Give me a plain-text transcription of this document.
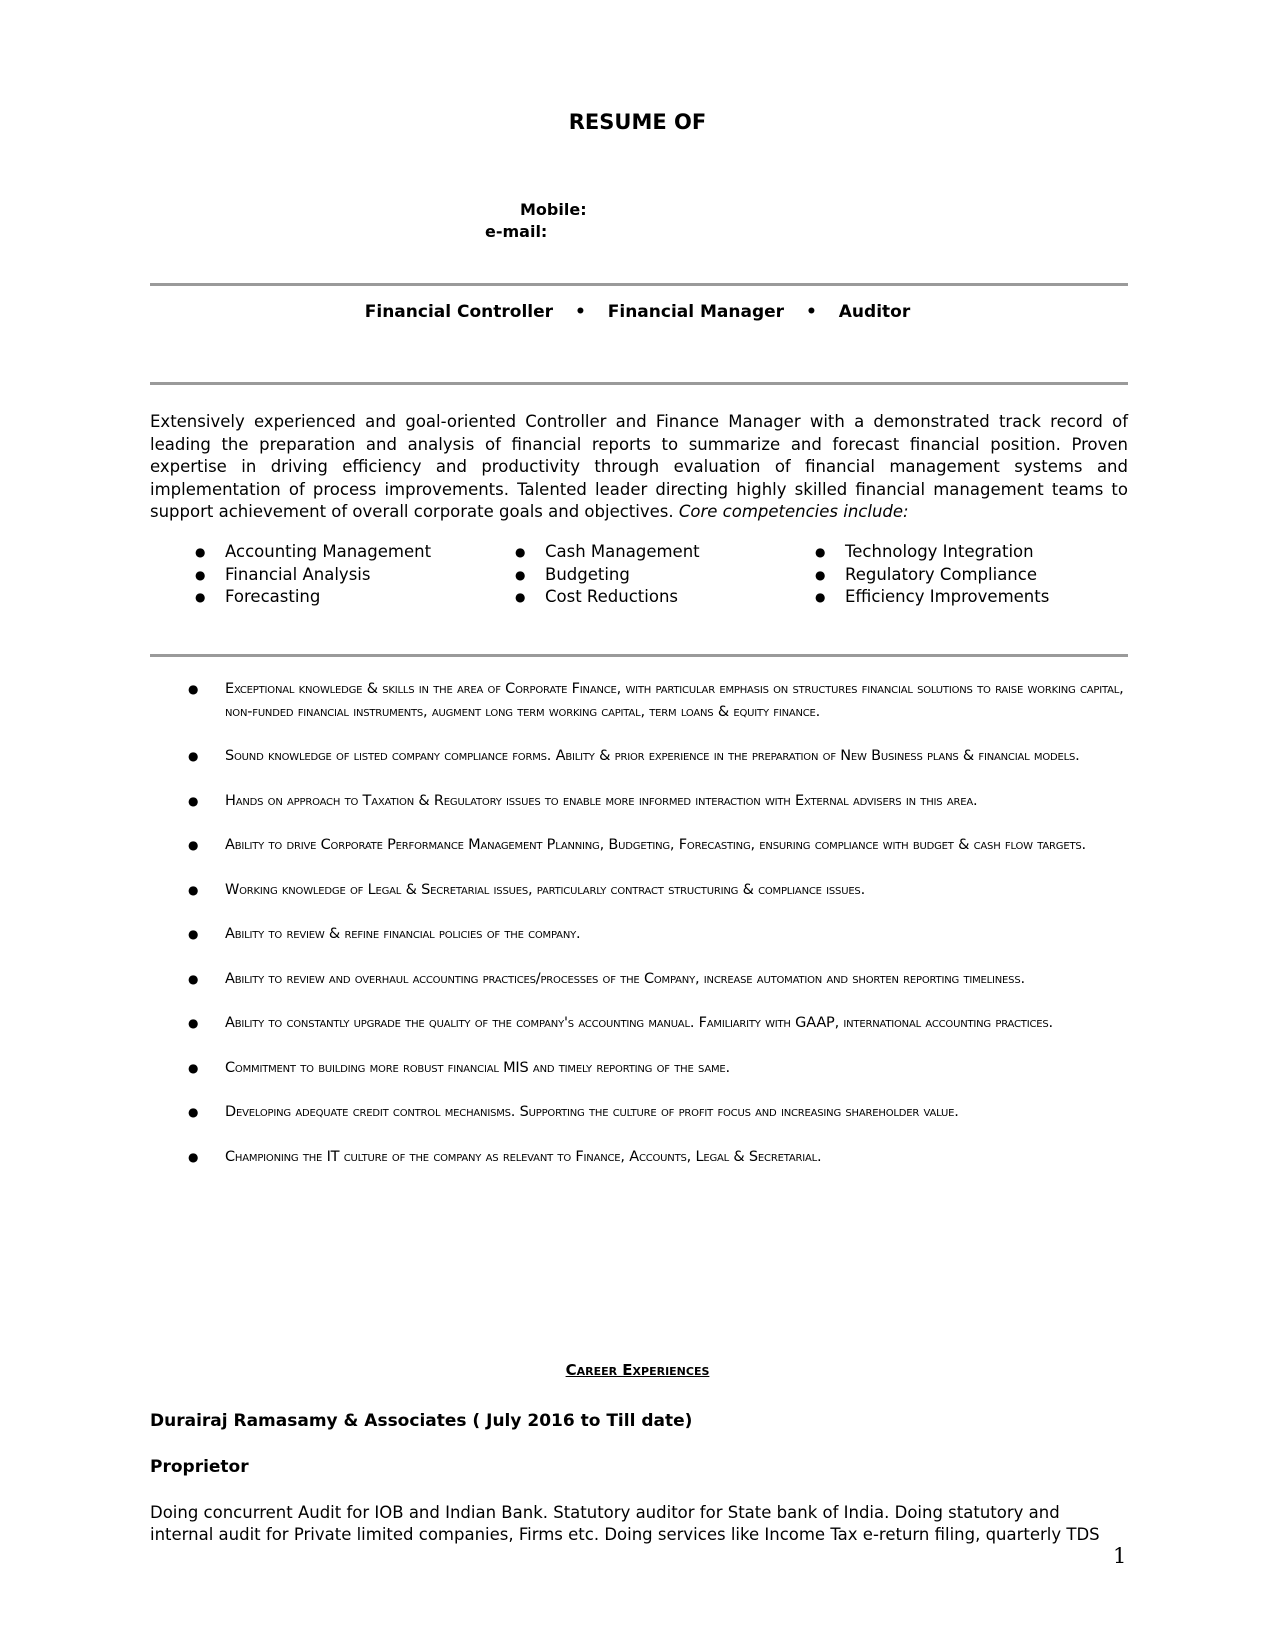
RESUME OF
Mobile:
e-mail:
Financial Controller • Financial Manager • Auditor
Extensively experienced and goal-oriented Controller and Finance Manager with a demonstrated track record of leading the preparation and analysis of financial reports to summarize and forecast financial position. Proven expertise in driving efficiency and productivity through evaluation of financial management systems and implementation of process improvements. Talented leader directing highly skilled financial management teams to support achievement of overall corporate goals and objectives. Core competencies include:
● Accounting Management
● Financial Analysis
● Forecasting
● Cash Management
● Budgeting
● Cost Reductions
● Technology Integration
● Regulatory Compliance
● Efficiency Improvements
● Exceptional knowledge & skills in the area of Corporate Finance, with particular emphasis on structures financial solutions to raise working capital, non-funded financial instruments, augment long term working capital, term loans & equity finance.
● Sound knowledge of listed company compliance forms. Ability & prior experience in the preparation of New Business plans & financial models.
● Hands on approach to Taxation & Regulatory issues to enable more informed interaction with External advisers in this area.
● Ability to drive Corporate Performance Management Planning, Budgeting, Forecasting, ensuring compliance with budget & cash flow targets.
● Working knowledge of Legal & Secretarial issues, particularly contract structuring & compliance issues.
● Ability to review & refine financial policies of the company.
● Ability to review and overhaul accounting practices/processes of the Company, increase automation and shorten reporting timeliness.
● Ability to constantly upgrade the quality of the company's accounting manual. Familiarity with GAAP, international accounting practices.
● Commitment to building more robust financial MIS and timely reporting of the same.
● Developing adequate credit control mechanisms. Supporting the culture of profit focus and increasing shareholder value.
● Championing the IT culture of the company as relevant to Finance, Accounts, Legal & Secretarial.
Career Experiences
Durairaj Ramasamy & Associates ( July 2016 to Till date)
Proprietor
Doing concurrent Audit for IOB and Indian Bank. Statutory auditor for State bank of India. Doing statutory and internal audit for Private limited companies, Firms etc. Doing services like Income Tax e-return filing, quarterly TDS
1
